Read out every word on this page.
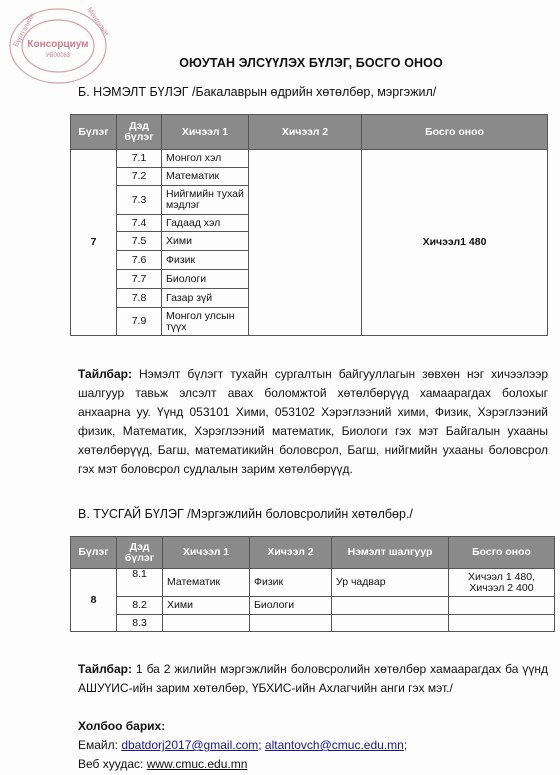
Бүртгэлийн	Монголын
Консорциум
УБ00083	ОЮУТАН ЭЛСҮҮЛЭХ БҮЛЭГ, БОСГО ОНОО
Б. НЭМЭЛТ БҮЛЭГ /Бакалаврын өдрийн хөтөлбөр, мэргэжил/
Бүлэг	Дэд бүлэг	Хичээл 1	Хичээл 2	Босго оноо
7	7.1	Монгол хэл		Хичээл1 480
	7.2	Математик		
	7.3	Нийгмийн тухай мэдлэг		
	7.4	Гадаад хэл		
	7.5	Хими		
	7.6	Физик		
	7.7	Биологи		
	7.8	Газар зүй		
	7.9	Монгол улсын түүх		
Тайлбар: Нэмэлт бүлэгт тухайн сургалтын байгууллагын зөвхөн нэг хичээлээр шалгуур тавьж элсэлт авах боломжтой хөтөлбөрүүд хамаарагдах болохыг анхаарна уу. Үүнд 053101 Хими, 053102 Хэрэглээний хими, Физик, Хэрэглээний физик, Математик, Хэрэглээний математик, Биологи гэх мэт Байгалын ухааны хөтөлбөрүүд, Багш, математикийн боловсрол, Багш, нийгмийн ухааны боловсрол гэх мэт боловсрол судлалын зарим хөтөлбөрүүд.
В. ТУСГАЙ БҮЛЭГ /Мэргэжлийн боловсролийн хөтөлбөр./
Бүлэг	Дэд бүлэг	Хичээл 1	Хичээл 2	Нэмэлт шалгуур	Босго оноо
8	8.1	Математик	Физик	Ур чадвар	Хичээл 1 480, Хичээл 2 400
	8.2	Хими	Биологи		
	8.3				
Тайлбар: 1 ба 2 жилийн мэргэжлийн боловсролийн хөтөлбөр хамаарагдах ба үүнд АШУҮИС-ийн зарим хөтөлбөр, ҮБХИС-ийн Ахлагчийн анги гэх мэт./
Холбоо барих:
Емайл: dbatdorj2017@gmail.com; altantovch@cmuc.edu.mn;
Веб хуудас: www.cmuc.edu.mn
